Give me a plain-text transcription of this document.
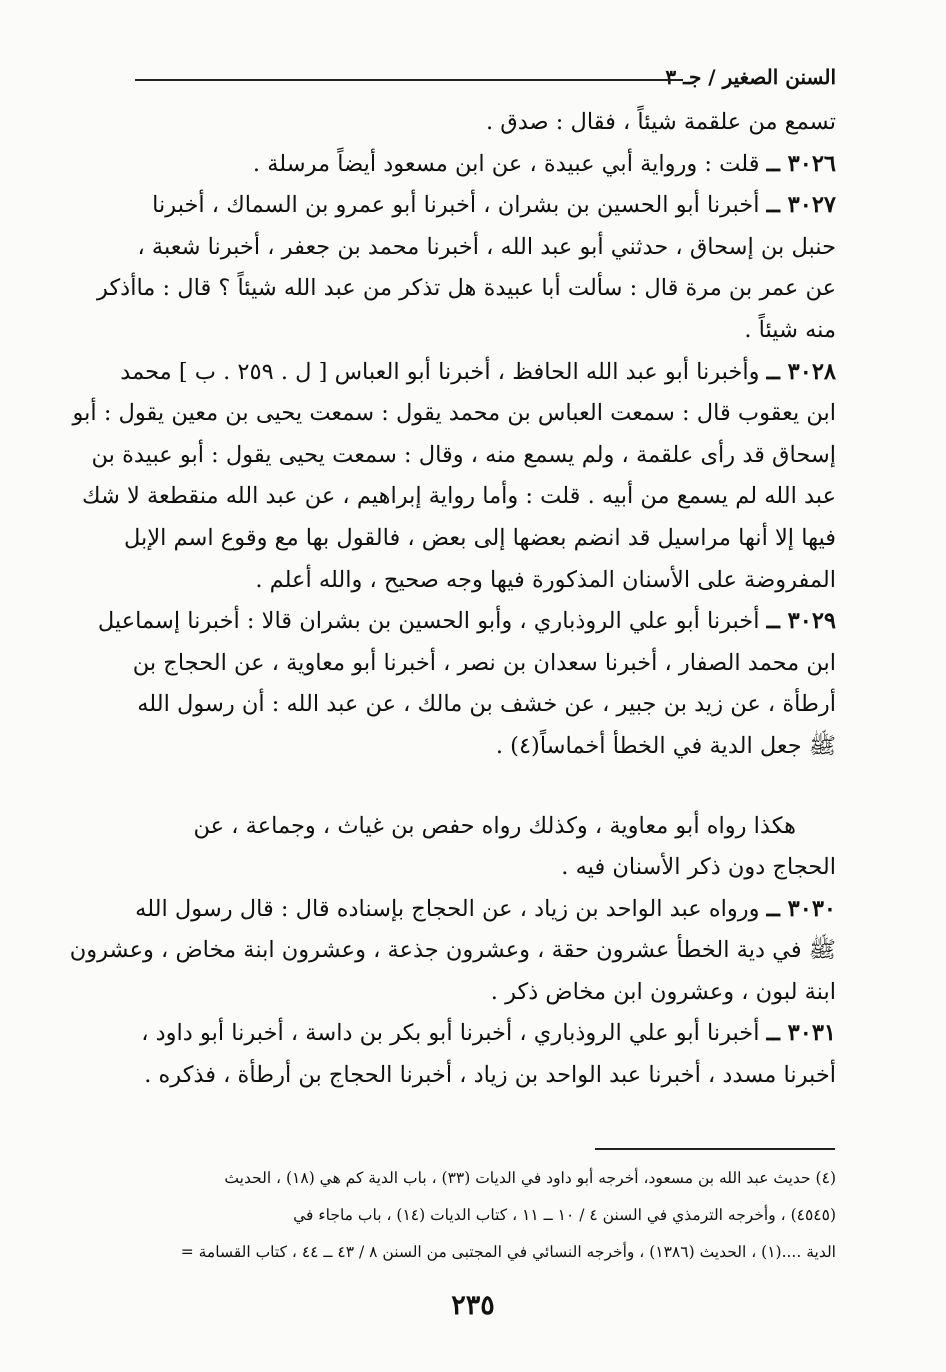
السنن الصغير / جـ ٣
تسمع من علقمة شيئاً ، فقال : صدق .
٣٠٢٦ ــ قلت : ورواية أبي عبيدة ، عن ابن مسعود أيضاً مرسلة .
٣٠٢٧ ــ أخبرنا أبو الحسين بن بشران ، أخبرنا أبو عمرو بن السماك ، أخبرنا
حنبل بن إسحاق ، حدثني أبو عبد الله ، أخبرنا محمد بن جعفر ، أخبرنا شعبة ،
عن عمر بن مرة قال : سألت أبا عبيدة هل تذكر من عبد الله شيئاً ؟ قال : ماأذكر
منه شيئاً .
٣٠٢٨ ــ وأخبرنا أبو عبد الله الحافظ ، أخبرنا أبو العباس [ ل . ٢٥٩ . ب ] محمد
ابن يعقوب قال : سمعت العباس بن محمد يقول : سمعت يحيى بن معين يقول : أبو
إسحاق قد رأى علقمة ، ولم يسمع منه ، وقال : سمعت يحيى يقول : أبو عبيدة بن
عبد الله لم يسمع من أبيه . قلت : وأما رواية إبراهيم ، عن عبد الله منقطعة لا شك
فيها إلا أنها مراسيل قد انضم بعضها إلى بعض ، فالقول بها مع وقوع اسم الإبل
المفروضة على الأسنان المذكورة فيها وجه صحيح ، والله أعلم .
٣٠٢٩ ــ أخبرنا أبو علي الروذباري ، وأبو الحسين بن بشران قالا : أخبرنا إسماعيل
ابن محمد الصفار ، أخبرنا سعدان بن نصر ، أخبرنا أبو معاوية ، عن الحجاج بن
أرطأة ، عن زيد بن جبير ، عن خشف بن مالك ، عن عبد الله : أن رسول الله
ﷺ جعل الدية في الخطأ أخماساً(٤) .
هكذا رواه أبو معاوية ، وكذلك رواه حفص بن غياث ، وجماعة ، عن
الحجاج دون ذكر الأسنان فيه .
٣٠٣٠ ــ ورواه عبد الواحد بن زياد ، عن الحجاج بإسناده قال : قال رسول الله
ﷺ في دية الخطأ عشرون حقة ، وعشرون جذعة ، وعشرون ابنة مخاض ، وعشرون
ابنة لبون ، وعشرون ابن مخاض ذكر .
٣٠٣١ ــ أخبرنا أبو علي الروذباري ، أخبرنا أبو بكر بن داسة ، أخبرنا أبو داود ،
أخبرنا مسدد ، أخبرنا عبد الواحد بن زياد ، أخبرنا الحجاج بن أرطأة ، فذكره .
(٤) حديث عبد الله بن مسعود، أخرجه أبو داود في الديات (٣٣) ، باب الدية كم هي (١٨) ، الحديث
(٤٥٤٥) ، وأخرجه الترمذي في السنن ٤ / ١٠ ــ ١١ ، كتاب الديات (١٤) ، باب ماجاء في
الدية ....(١) ، الحديث (١٣٨٦) ، وأخرجه النسائي في المجتبى من السنن ٨ / ٤٣ ــ ٤٤ ، كتاب القسامة =
٢٣٥
